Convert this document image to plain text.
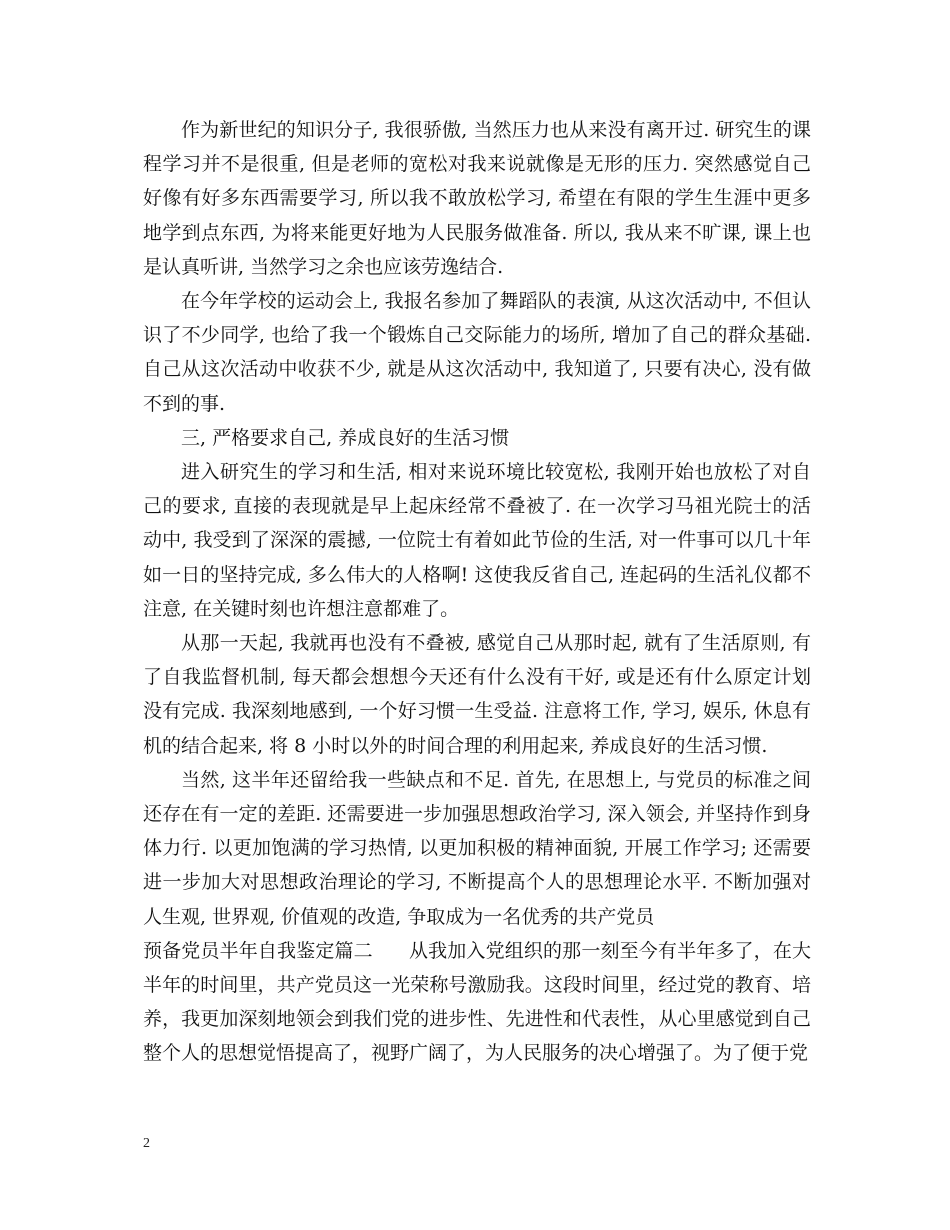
作为新世纪的知识分子, 我很骄傲, 当然压力也从来没有离开过. 研究生的课程学习并不是很重, 但是老师的宽松对我来说就像是无形的压力. 突然感觉自己好像有好多东西需要学习, 所以我不敢放松学习, 希望在有限的学生生涯中更多地学到点东西, 为将来能更好地为人民服务做准备. 所以, 我从来不旷课, 课上也是认真听讲, 当然学习之余也应该劳逸结合.

在今年学校的运动会上, 我报名参加了舞蹈队的表演, 从这次活动中, 不但认识了不少同学, 也给了我一个锻炼自己交际能力的场所, 增加了自己的群众基础. 自己从这次活动中收获不少, 就是从这次活动中, 我知道了, 只要有决心, 没有做不到的事.

三, 严格要求自己, 养成良好的生活习惯

进入研究生的学习和生活, 相对来说环境比较宽松, 我刚开始也放松了对自己的要求, 直接的表现就是早上起床经常不叠被了. 在一次学习马祖光院士的活动中, 我受到了深深的震撼, 一位院士有着如此节俭的生活, 对一件事可以几十年如一日的坚持完成, 多么伟大的人格啊! 这使我反省自己, 连起码的生活礼仪都不注意, 在关键时刻也许想注意都难了。

从那一天起, 我就再也没有不叠被, 感觉自己从那时起, 就有了生活原则, 有了自我监督机制, 每天都会想想今天还有什么没有干好, 或是还有什么原定计划没有完成. 我深刻地感到, 一个好习惯一生受益. 注意将工作, 学习, 娱乐, 休息有机的结合起来, 将 8 小时以外的时间合理的利用起来, 养成良好的生活习惯.

当然, 这半年还留给我一些缺点和不足. 首先, 在思想上, 与党员的标准之间还存在有一定的差距. 还需要进一步加强思想政治学习, 深入领会, 并坚持作到身体力行. 以更加饱满的学习热情, 以更加积极的精神面貌, 开展工作学习; 还需要进一步加大对思想政治理论的学习, 不断提高个人的思想理论水平. 不断加强对人生观, 世界观, 价值观的改造, 争取成为一名优秀的共产党员

预备党员半年自我鉴定篇二 从我加入党组织的那一刻至今有半年多了，在大半年的时间里，共产党员这一光荣称号激励我。这段时间里，经过党的教育、培养，我更加深刻地领会到我们党的进步性、先进性和代表性，从心里感觉到自己整个人的思想觉悟提高了，视野广阔了，为人民服务的决心增强了。为了便于党

2
